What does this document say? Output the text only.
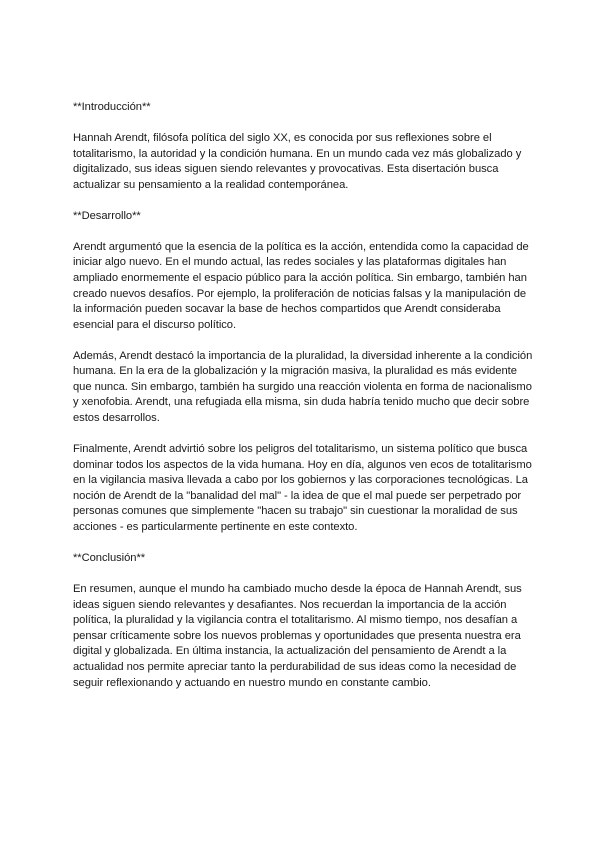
**Introducción**

Hannah Arendt, filósofa política del siglo XX, es conocida por sus reflexiones sobre el totalitarismo, la autoridad y la condición humana. En un mundo cada vez más globalizado y digitalizado, sus ideas siguen siendo relevantes y provocativas. Esta disertación busca actualizar su pensamiento a la realidad contemporánea.

**Desarrollo**

Arendt argumentó que la esencia de la política es la acción, entendida como la capacidad de iniciar algo nuevo. En el mundo actual, las redes sociales y las plataformas digitales han ampliado enormemente el espacio público para la acción política. Sin embargo, también han creado nuevos desafíos. Por ejemplo, la proliferación de noticias falsas y la manipulación de la información pueden socavar la base de hechos compartidos que Arendt consideraba esencial para el discurso político.

Además, Arendt destacó la importancia de la pluralidad, la diversidad inherente a la condición humana. En la era de la globalización y la migración masiva, la pluralidad es más evidente que nunca. Sin embargo, también ha surgido una reacción violenta en forma de nacionalismo y xenofobia. Arendt, una refugiada ella misma, sin duda habría tenido mucho que decir sobre estos desarrollos.

Finalmente, Arendt advirtió sobre los peligros del totalitarismo, un sistema político que busca dominar todos los aspectos de la vida humana. Hoy en día, algunos ven ecos de totalitarismo en la vigilancia masiva llevada a cabo por los gobiernos y las corporaciones tecnológicas. La noción de Arendt de la "banalidad del mal" - la idea de que el mal puede ser perpetrado por personas comunes que simplemente "hacen su trabajo" sin cuestionar la moralidad de sus acciones - es particularmente pertinente en este contexto.

**Conclusión**

En resumen, aunque el mundo ha cambiado mucho desde la época de Hannah Arendt, sus ideas siguen siendo relevantes y desafiantes. Nos recuerdan la importancia de la acción política, la pluralidad y la vigilancia contra el totalitarismo. Al mismo tiempo, nos desafían a pensar críticamente sobre los nuevos problemas y oportunidades que presenta nuestra era digital y globalizada. En última instancia, la actualización del pensamiento de Arendt a la actualidad nos permite apreciar tanto la perdurabilidad de sus ideas como la necesidad de seguir reflexionando y actuando en nuestro mundo en constante cambio.
